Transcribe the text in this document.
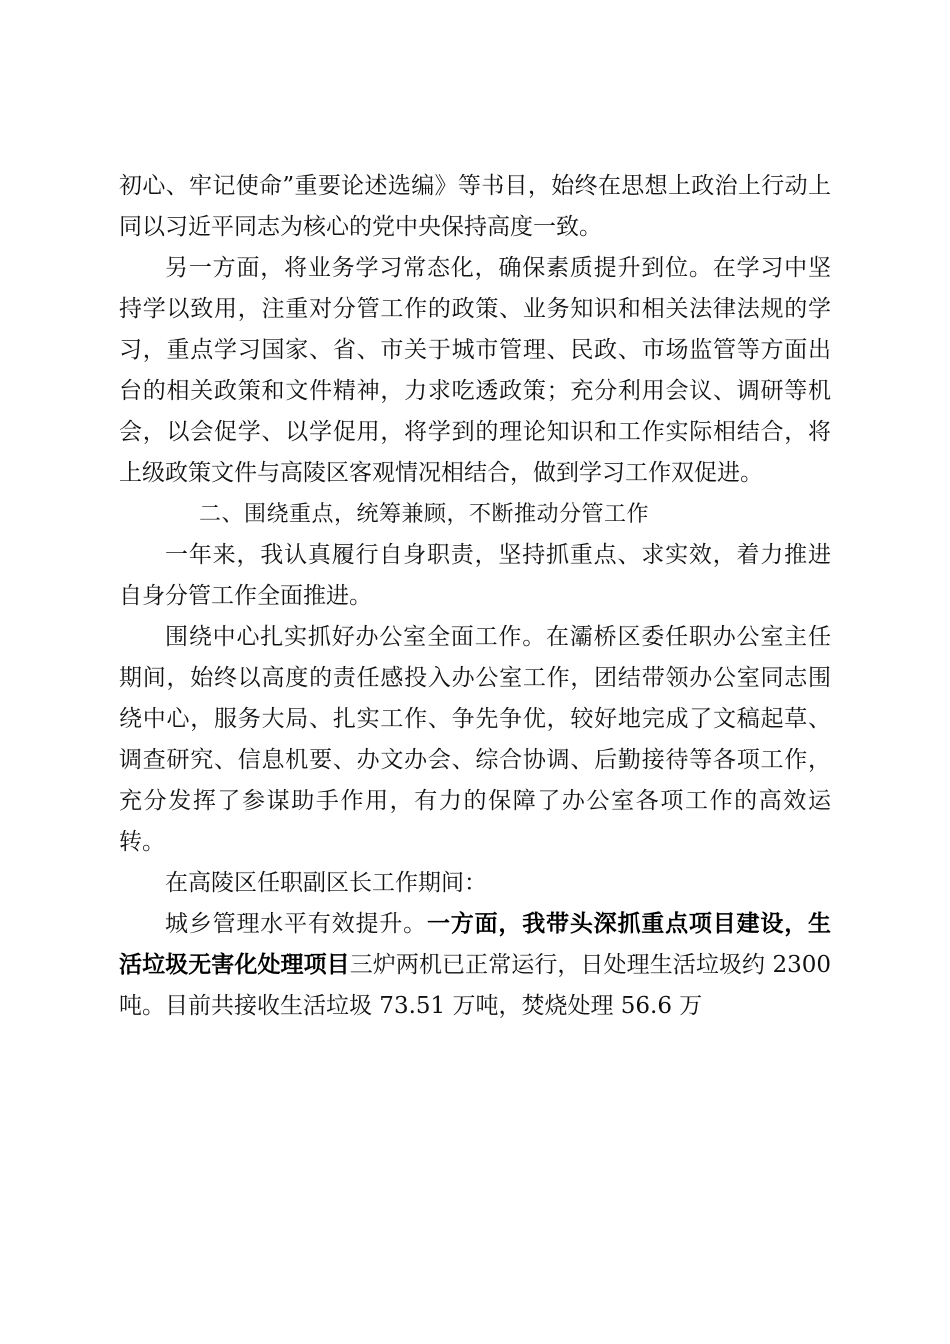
初心、牢记使命”重要论述选编》等书目，始终在思想上政治上行动上同以习近平同志为核心的党中央保持高度一致。

另一方面，将业务学习常态化，确保素质提升到位。在学习中坚持学以致用，注重对分管工作的政策、业务知识和相关法律法规的学习，重点学习国家、省、市关于城市管理、民政、市场监管等方面出台的相关政策和文件精神，力求吃透政策；充分利用会议、调研等机会，以会促学、以学促用，将学到的理论知识和工作实际相结合，将上级政策文件与高陵区客观情况相结合，做到学习工作双促进。

二、围绕重点，统筹兼顾，不断推动分管工作

一年来，我认真履行自身职责，坚持抓重点、求实效，着力推进自身分管工作全面推进。

围绕中心扎实抓好办公室全面工作。在灞桥区委任职办公室主任期间，始终以高度的责任感投入办公室工作，团结带领办公室同志围绕中心，服务大局、扎实工作、争先争优，较好地完成了文稿起草、调查研究、信息机要、办文办会、综合协调、后勤接待等各项工作，充分发挥了参谋助手作用，有力的保障了办公室各项工作的高效运转。

在高陵区任职副区长工作期间：

城乡管理水平有效提升。一方面，我带头深抓重点项目建设，生活垃圾无害化处理项目三炉两机已正常运行，日处理生活垃圾约 2300 吨。目前共接收生活垃圾 73.51 万吨，焚烧处理 56.6 万
